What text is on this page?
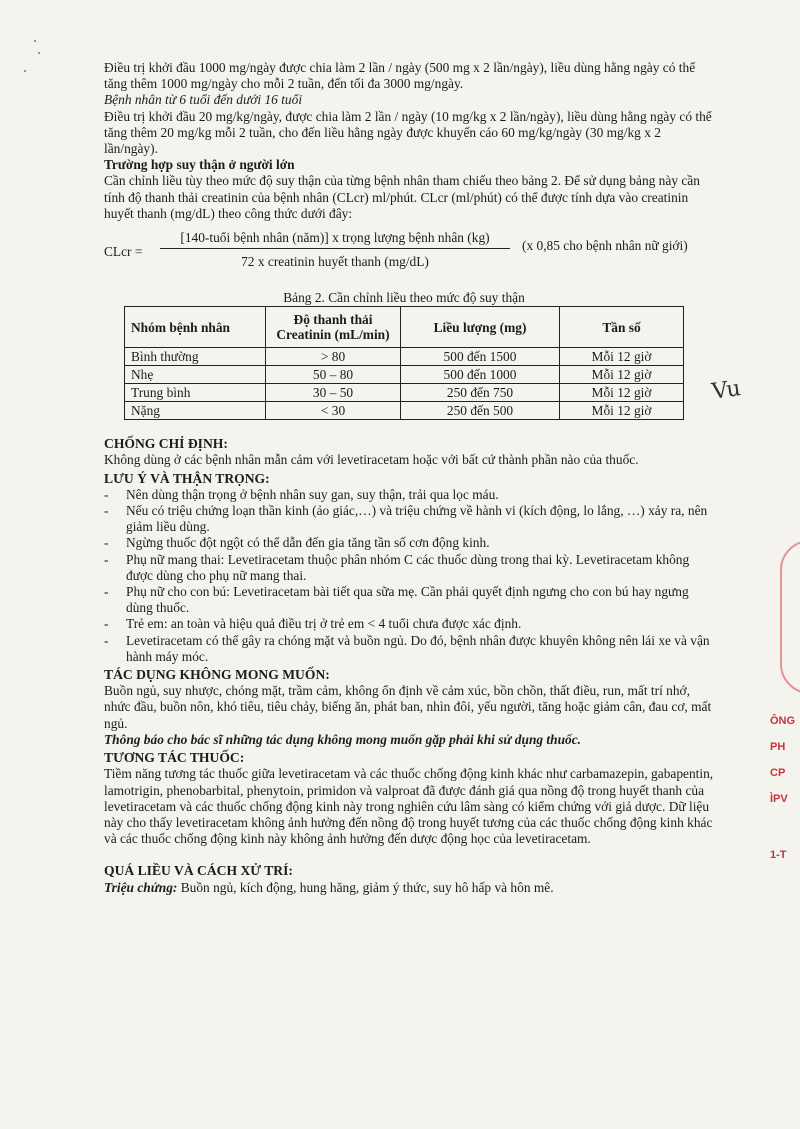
Điều trị khởi đầu 1000 mg/ngày được chia làm 2 lần / ngày (500 mg x 2 lần/ngày), liều dùng hằng ngày có thể tăng thêm 1000 mg/ngày cho mỗi 2 tuần, đến tối đa 3000 mg/ngày.

Bệnh nhân từ 6 tuổi đến dưới 16 tuổi

Điều trị khởi đầu 20 mg/kg/ngày, được chia làm 2 lần / ngày (10 mg/kg x 2 lần/ngày), liều dùng hằng ngày có thể tăng thêm 20 mg/kg mỗi 2 tuần, cho đến liều hằng ngày được khuyến cáo 60 mg/kg/ngày (30 mg/kg x 2 lần/ngày).

Trường hợp suy thận ở người lớn

Cần chỉnh liều tùy theo mức độ suy thận của từng bệnh nhân tham chiếu theo bảng 2. Để sử dụng bảng này cần tính độ thanh thải creatinin của bệnh nhân (CLcr) ml/phút. CLcr (ml/phút) có thể được tính dựa vào creatinin huyết thanh (mg/dL) theo công thức dưới đây:

CLcr =
[140-tuổi bệnh nhân (năm)] x trọng lượng bệnh nhân (kg)
72 x creatinin huyết thanh (mg/dL)
(x 0,85 cho bệnh nhân nữ giới)

Bảng 2. Cần chỉnh liều theo mức độ suy thận

Nhóm bệnh nhân	Độ thanh thải Creatinin (mL/min)	Liều lượng (mg)	Tần số
Bình thường	> 80	500 đến 1500	Mỗi 12 giờ
Nhẹ	50 – 80	500 đến 1000	Mỗi 12 giờ
Trung bình	30 – 50	250 đến 750	Mỗi 12 giờ
Nặng	< 30	250 đến 500	Mỗi 12 giờ

CHỐNG CHỈ ĐỊNH:

Không dùng ở các bệnh nhân mẫn cảm với levetiracetam hoặc với bất cứ thành phần nào của thuốc.

LƯU Ý VÀ THẬN TRỌNG:

- Nên dùng thận trọng ở bệnh nhân suy gan, suy thận, trải qua lọc máu.
- Nếu có triệu chứng loạn thần kinh (ảo giác,…) và triệu chứng về hành vi (kích động, lo lắng, …) xảy ra, nên giảm liều dùng.
- Ngừng thuốc đột ngột có thể dẫn đến gia tăng tần số cơn động kinh.
- Phụ nữ mang thai: Levetiracetam thuộc phân nhóm C các thuốc dùng trong thai kỳ. Levetiracetam không được dùng cho phụ nữ mang thai.
- Phụ nữ cho con bú: Levetiracetam bài tiết qua sữa mẹ. Cần phải quyết định ngưng cho con bú hay ngưng dùng thuốc.
- Trẻ em: an toàn và hiệu quả điều trị ở trẻ em < 4 tuổi chưa được xác định.
- Levetiracetam có thể gây ra chóng mặt và buồn ngủ. Do đó, bệnh nhân được khuyên không nên lái xe và vận hành máy móc.

TÁC DỤNG KHÔNG MONG MUỐN:

Buồn ngủ, suy nhược, chóng mặt, trầm cảm, không ổn định về cảm xúc, bồn chồn, thất điều, run, mất trí nhớ, nhức đầu, buồn nôn, khó tiêu, tiêu chảy, biếng ăn, phát ban, nhìn đôi, yếu người, tăng hoặc giảm cân, đau cơ, mất ngủ.

Thông báo cho bác sĩ những tác dụng không mong muốn gặp phải khi sử dụng thuốc.

TƯƠNG TÁC THUỐC:

Tiềm năng tương tác thuốc giữa levetiracetam và các thuốc chống động kinh khác như carbamazepin, gabapentin, lamotrigin, phenobarbital, phenytoin, primidon và valproat đã được đánh giá qua nồng độ trong huyết thanh của levetiracetam và các thuốc chống động kinh này trong nghiên cứu lâm sàng có kiểm chứng với giả dược. Dữ liệu này cho thấy levetiracetam không ảnh hưởng đến nồng độ trong huyết tương của các thuốc chống động kinh khác và các thuốc chống động kinh này không ảnh hưởng đến dược động học của levetiracetam.

QUÁ LIỀU VÀ CÁCH XỬ TRÍ:

Triệu chứng: Buồn ngủ, kích động, hung hăng, giảm ý thức, suy hô hấp và hôn mê.

Vu
ÔNG
PH
CP
ÌPV
1-T
